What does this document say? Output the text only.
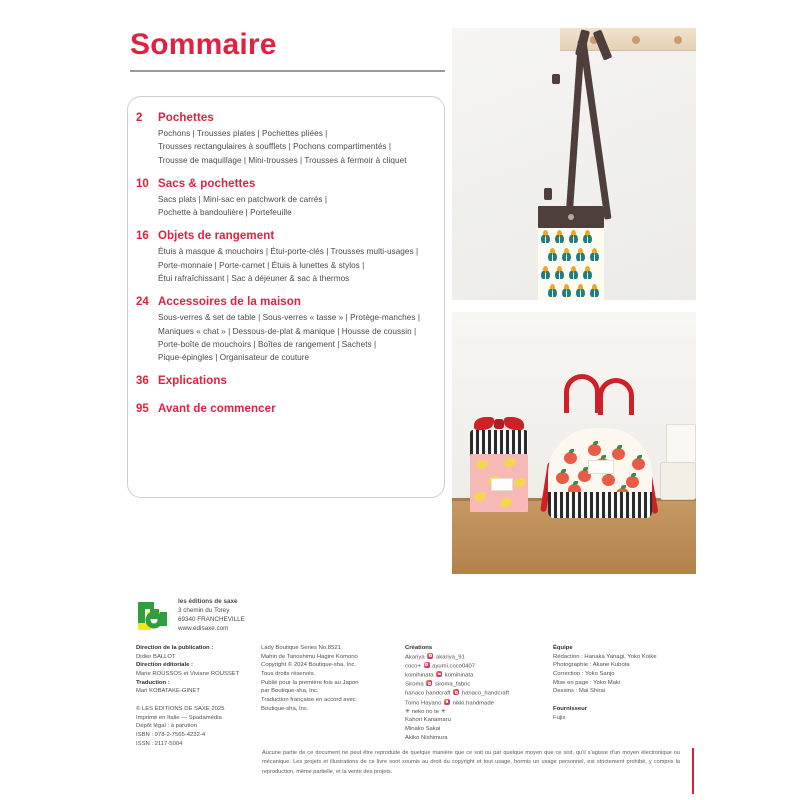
Sommaire
2	Pochettes
Pochons | Trousses plates | Pochettes pliées |
Trousses rectangulaires à soufflets | Pochons compartimentés |
Trousse de maquillage | Mini-trousses | Trousses à fermoir à cliquet
10 Sacs & pochettes
Sacs plats | Mini-sac en patchwork de carrés |
Pochette à bandoulière | Portefeuille
16 Objets de rangement
Étuis à masque & mouchoirs | Étui-porte-clés | Trousses multi-usages |
Porte-monnaie | Porte-carnet | Étuis à lunettes & stylos |
Étui rafraîchissant | Sac à déjeuner & sac à thermos
24 Accessoires de la maison
Sous-verres & set de table | Sous-verres « tasse » | Protège-manches |
Maniques « chat » | Dessous-de-plat & manique | Housse de coussin |
Porte-boîte de mouchoirs | Boîtes de rangement | Sachets |
Pique-épingles | Organisateur de couture
36 Explications
95 Avant de commencer
les éditions de saxe
3 chemin du Torey
69340 FRANCHEVILLE
www.edisaxe.com
Direction de la publication :
Didier BALLOT
Direction éditoriale :
Marie ROUSSOS et Viviane ROUSSET
Traduction :
Mari KOBATAKE-GINET
© LES ÉDITIONS DE SAXE 2025
Imprimé en Italie — Spadamédia
Dépôt légal : à parution
ISBN : 978-2-7565-4232-4
ISSN : 2117-5004
Lady Boutique Series No.8521
Mahin de Tanoshimu Hagire Komono
Copyright © 2024 Boutique-sha, Inc.
Tous droits réservés.
Publié pour la première fois au Japon
par Boutique-sha, Inc.
Traduction française en accord avec
Boutique-sha, Inc.
Créations
Akariya  akariya_91
coco+  ayumi.coco0407
komihinata  komihinata
Siroma  siroma_fabric
hanaco handcraft  hanaco_handcraft
Tomo Hayano  nikki.handmade
✳ neko no te ✳
Kahori Kanamaru
Minako Sakai
Akiko Nishimura
Équipe
Rédaction : Hanaka Yanagi, Yoko Koike
Photographie : Akane Kubota
Correction : Yoko Sanjo
Mise en page : Yoko Maki
Dessins : Mai Shirai
Fournisseur
Fujix
Aucune partie de ce document ne peut être reproduite de quelque manière que ce soit ou par quelque moyen que ce soit, qu'il s'agisse d'un moyen électronique ou mécanique. Les projets et illustrations de ce livre sont soumis au droit du copyright et tout usage, hormis un usage personnel, est strictement prohibé, y compris la reproduction, même partielle, et la vente des projets.
